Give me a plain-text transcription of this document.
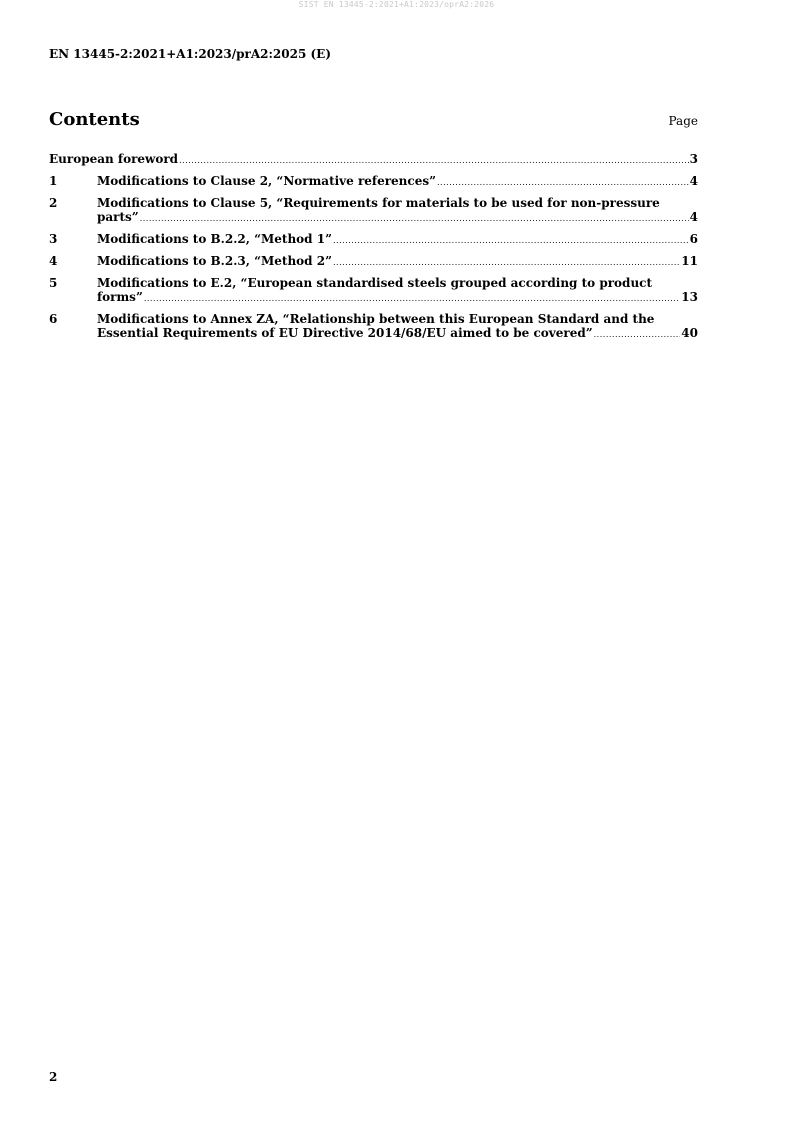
SIST EN 13445-2:2021+A1:2023/oprA2:2026
EN 13445-2:2021+A1:2023/prA2:2025 (E)
Contents	Page
European foreword .....	3
1	Modifications to Clause 2, “Normative references” .....	4
2	Modifications to Clause 5, “Requirements for materials to be used for non-pressure
parts” .....	4
3	Modifications to B.2.2, “Method 1” .....	6
4	Modifications to B.2.3, “Method 2” .....	11
5	Modifications to E.2, “European standardised steels grouped according to product
forms” .....	13
6	Modifications to Annex ZA, “Relationship between this European Standard and the
Essential Requirements of EU Directive 2014/68/EU aimed to be covered” .....	40
2
